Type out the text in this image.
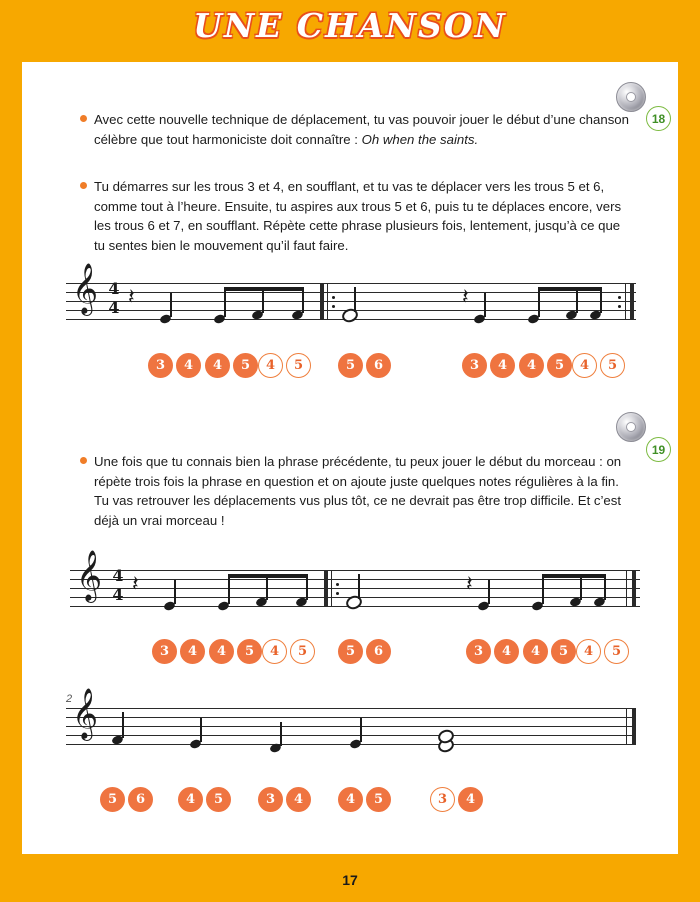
UNE CHANSON
17
18
Avec cette nouvelle technique de déplacement, tu vas pouvoir jouer le début d’une chanson célèbre que tout harmoniciste doit connaître : Oh when the saints.
Tu démarres sur les trous 3 et 4, en soufflant, et tu vas te déplacer vers les trous 5 et 6, comme tout à l’heure. Ensuite, tu aspires aux trous 5 et 6, puis tu te déplaces encore, vers les trous 6 et 7, en soufflant. Répète cette phrase plusieurs fois, lentement, jusqu’à ce que tu sentes bien le mouvement qu’il faut faire.
𝄞 4
4 𝄽	𝄽
3	4	4	5	4	5	5	6	3	4	4	5	4	5
19
Une fois que tu connais bien la phrase précédente, tu peux jouer le début du morceau : on répète trois fois la phrase en question et on ajoute juste quelques notes régulières à la fin. Tu vas retrouver les déplacements vus plus tôt, ce ne devrait pas être trop difficile. Et c’est déjà un vrai morceau !
𝄞 4
4 𝄽	𝄽
3	4	4	5	4	5	5	6	3	4	4	5	4	5
2 𝄞
5	6	4	5	3	4	4	5	3	4
